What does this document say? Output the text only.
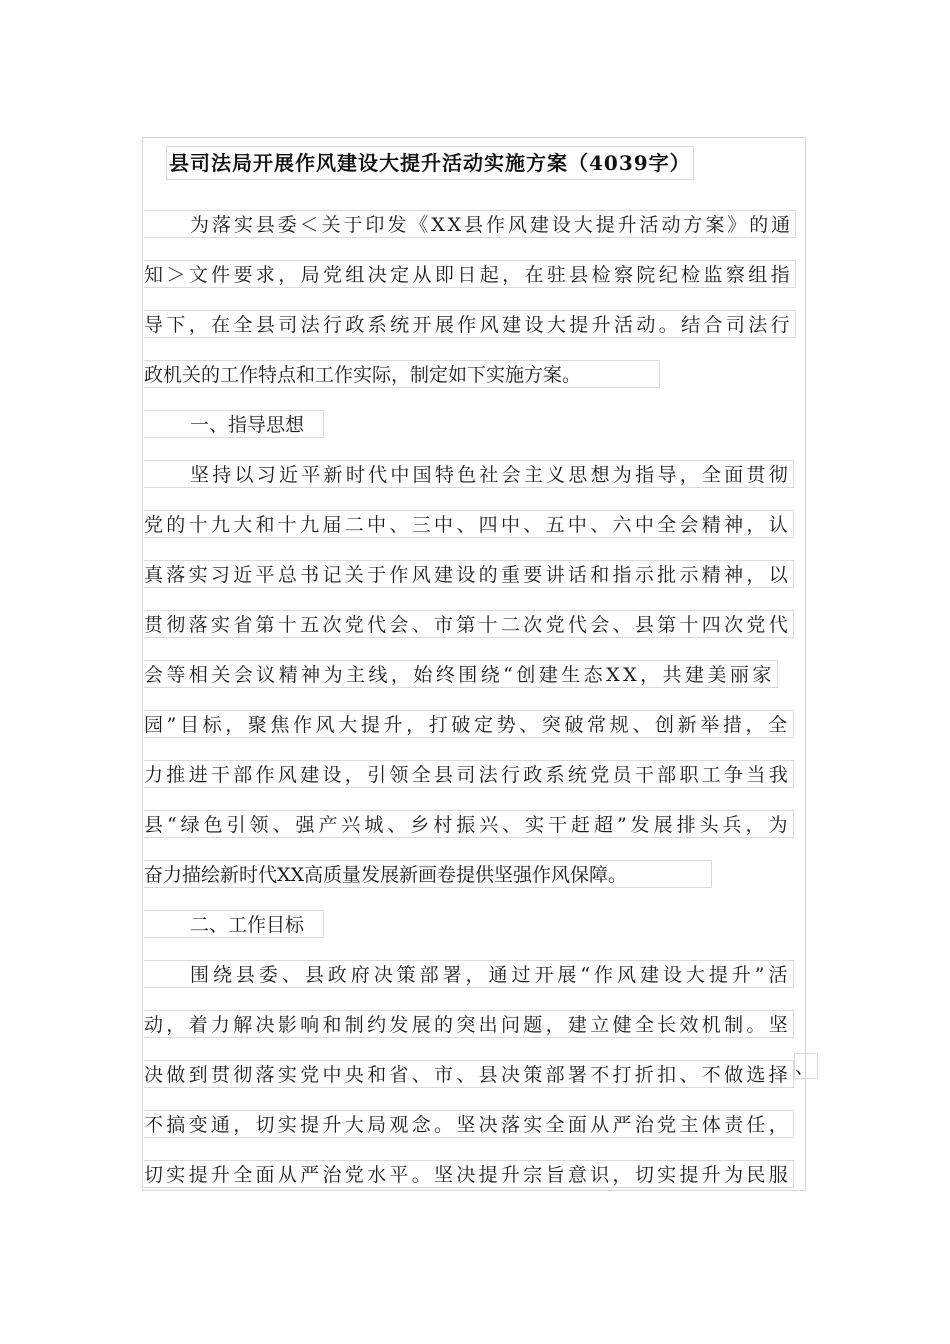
县司法局开展作风建设大提升活动实施方案（4039字）
为落实县委＜关于印发《XX县作风建设大提升活动方案》的通
知＞文件要求，局党组决定从即日起，在驻县检察院纪检监察组指
导下，在全县司法行政系统开展作风建设大提升活动。结合司法行
政机关的工作特点和工作实际，制定如下实施方案。
一、指导思想
坚持以习近平新时代中国特色社会主义思想为指导，全面贯彻
党的十九大和十九届二中、三中、四中、五中、六中全会精神，认
真落实习近平总书记关于作风建设的重要讲话和指示批示精神，以
贯彻落实省第十五次党代会、市第十二次党代会、县第十四次党代
会等相关会议精神为主线，始终围绕“创建生态XX，共建美丽家
园”目标，聚焦作风大提升，打破定势、突破常规、创新举措，全
力推进干部作风建设，引领全县司法行政系统党员干部职工争当我
县“绿色引领、强产兴城、乡村振兴、实干赶超”发展排头兵，为
奋力描绘新时代XX高质量发展新画卷提供坚强作风保障。
二、工作目标
围绕县委、县政府决策部署，通过开展“作风建设大提升”活
动，着力解决影响和制约发展的突出问题，建立健全长效机制。坚
决做到贯彻落实党中央和省、市、县决策部署不打折扣、不做选择 、
不搞变通，切实提升大局观念。坚决落实全面从严治党主体责任，
切实提升全面从严治党水平。坚决提升宗旨意识，切实提升为民服
